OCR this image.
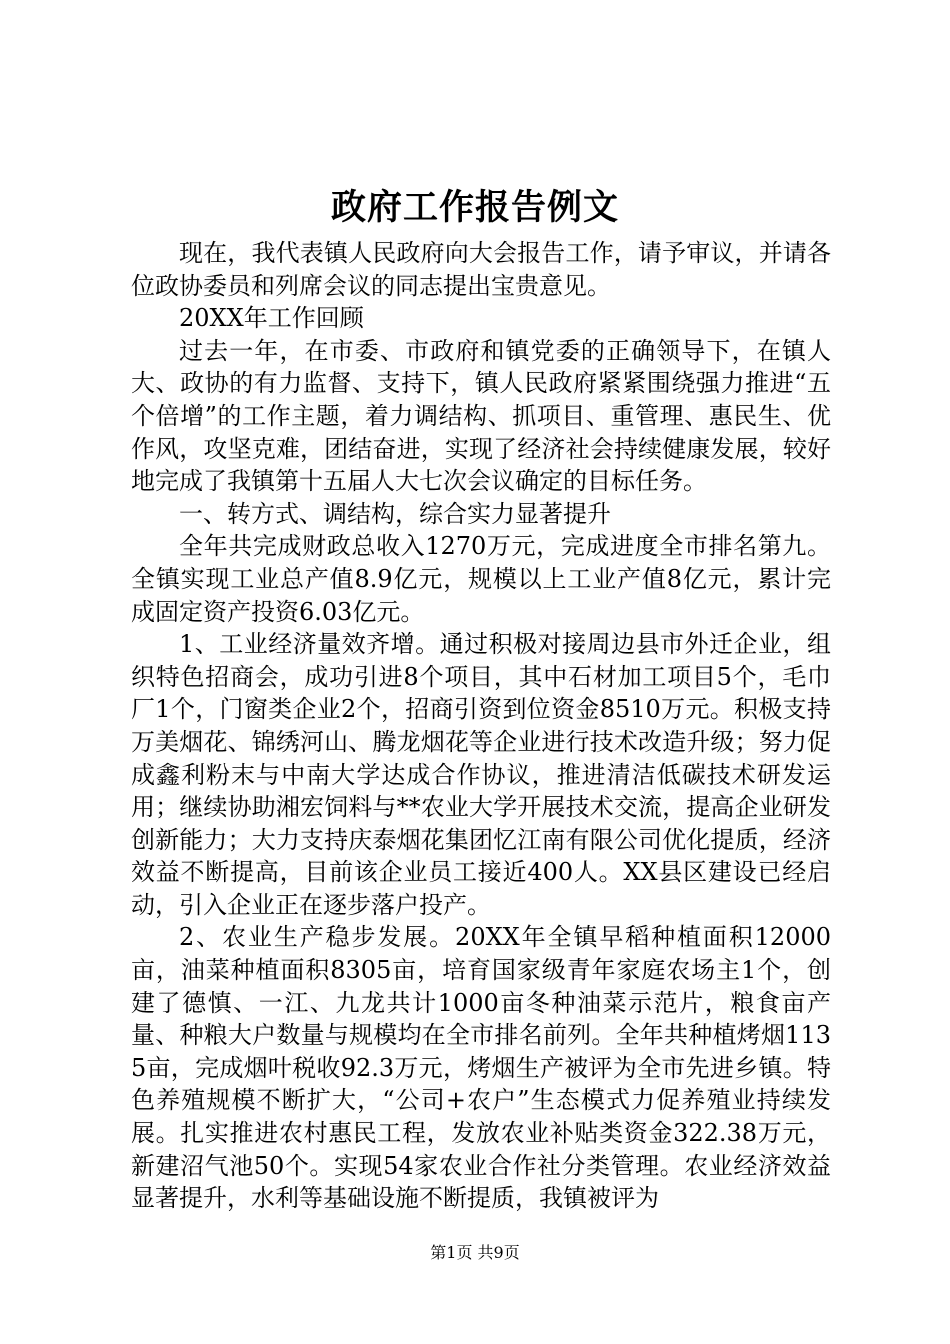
政府工作报告例文

现在，我代表镇人民政府向大会报告工作，请予审议，并请各位政协委员和列席会议的同志提出宝贵意见。

20XX年工作回顾

过去一年，在市委、市政府和镇党委的正确领导下，在镇人大、政协的有力监督、支持下，镇人民政府紧紧围绕强力推进“五个倍增”的工作主题，着力调结构、抓项目、重管理、惠民生、优作风，攻坚克难，团结奋进，实现了经济社会持续健康发展，较好地完成了我镇第十五届人大七次会议确定的目标任务。

一、转方式、调结构，综合实力显著提升

全年共完成财政总收入1270万元，完成进度全市排名第九。全镇实现工业总产值8.9亿元，规模以上工业产值8亿元，累计完成固定资产投资6.03亿元。

1、工业经济量效齐增。通过积极对接周边县市外迁企业，组织特色招商会，成功引进8个项目，其中石材加工项目5个，毛巾厂1个，门窗类企业2个，招商引资到位资金8510万元。积极支持万美烟花、锦绣河山、腾龙烟花等企业进行技术改造升级；努力促成鑫利粉末与中南大学达成合作协议，推进清洁低碳技术研发运用；继续协助湘宏饲料与**农业大学开展技术交流，提高企业研发创新能力；大力支持庆泰烟花集团忆江南有限公司优化提质，经济效益不断提高，目前该企业员工接近400人。XX县区建设已经启动，引入企业正在逐步落户投产。

2、农业生产稳步发展。20XX年全镇早稻种植面积12000亩，油菜种植面积8305亩，培育国家级青年家庭农场主1个，创建了德慎、一江、九龙共计1000亩冬种油菜示范片，粮食亩产量、种粮大户数量与规模均在全市排名前列。全年共种植烤烟1135亩，完成烟叶税收92.3万元，烤烟生产被评为全市先进乡镇。特色养殖规模不断扩大，“公司+农户”生态模式力促养殖业持续发展。扎实推进农村惠民工程，发放农业补贴类资金322.38万元，新建沼气池50个。实现54家农业合作社分类管理。农业经济效益显著提升，水利等基础设施不断提质，我镇被评为

第1页 共9页
